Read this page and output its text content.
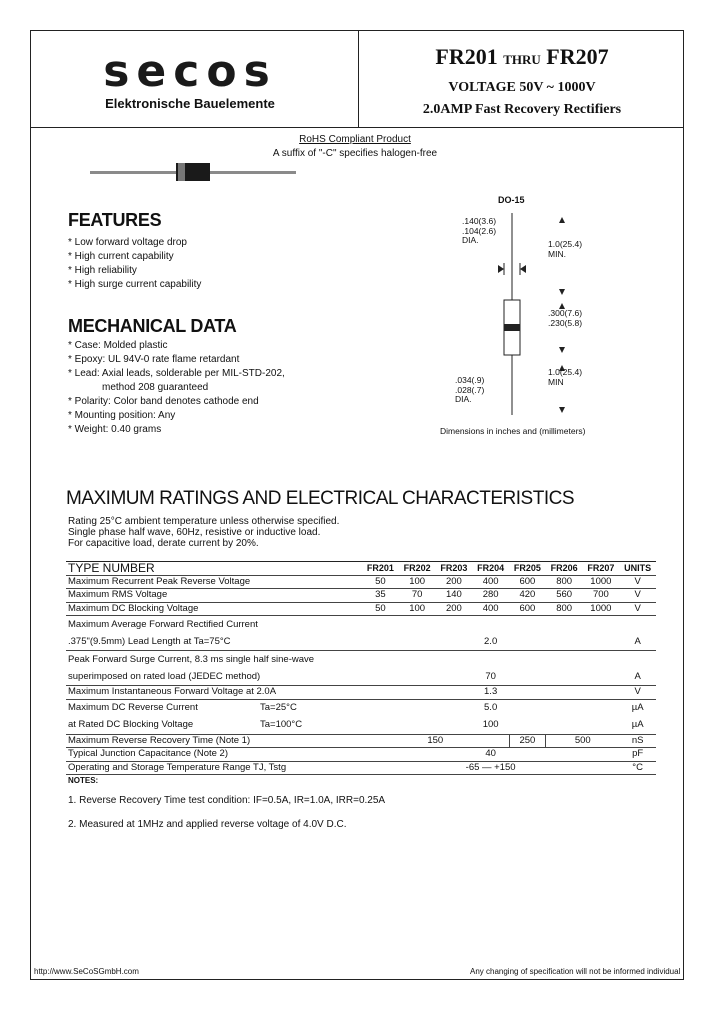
secos
Elektronische Bauelemente
FR201 THRU FR207
VOLTAGE 50V ~ 1000V
2.0AMP Fast Recovery Rectifiers
RoHS Compliant Product
A suffix of "-C" specifies halogen-free
DO-15
.140(3.6)
.104(2.6)
DIA.	1.0(25.4)
MIN.
.300(7.6)
.230(5.8)
.034(.9)
.028(.7)
DIA.
1.0(25.4)
MIN
Dimensions in inches and (millimeters)
FEATURES
* Low forward voltage drop
* High current capability
* High reliability
* High surge current capability
MECHANICAL DATA
* Case: Molded plastic
* Epoxy: UL 94V-0 rate flame retardant
* Lead: Axial leads, solderable per MIL-STD-202,
method 208 guaranteed
* Polarity: Color band denotes cathode end
* Mounting position: Any
* Weight: 0.40 grams
MAXIMUM RATINGS AND ELECTRICAL CHARACTERISTICS
Rating 25°C ambient temperature unless otherwise specified.
Single phase half wave, 60Hz, resistive or inductive load.
For capacitive load, derate current by 20%.
TYPE NUMBER	FR201	FR202	FR203	FR204	FR205	FR206	FR207	UNITS
Maximum Recurrent Peak Reverse Voltage	50	100	200	400	600	800	1000	V
Maximum RMS Voltage	35	70	140	280	420	560	700	V
Maximum DC Blocking Voltage	50	100	200	400	600	800	1000	V
Maximum Average Forward Rectified Current								
.375"(9.5mm) Lead Length at Ta=75°C	2.0							A
Peak Forward Surge Current, 8.3 ms single half sine-wave								
superimposed on rated load (JEDEC method)	70							A
Maximum Instantaneous Forward Voltage at 2.0A	1.3							V
Maximum DC Reverse Current Ta=25°C	5.0							µA
at Rated DC Blocking Voltage Ta=100°C	100							µA
Maximum Reverse Recovery Time (Note 1)	150				250	500		nS
Typical Junction Capacitance (Note 2)	40							pF
Operating and Storage Temperature Range TJ, Tstg	-65 — +150							°C
NOTES:
1. Reverse Recovery Time test condition: IF=0.5A, IR=1.0A, IRR=0.25A
2. Measured at 1MHz and applied reverse voltage of 4.0V D.C.
http://www.SeCoSGmbH.com	Any changing of specification will not be informed individual
